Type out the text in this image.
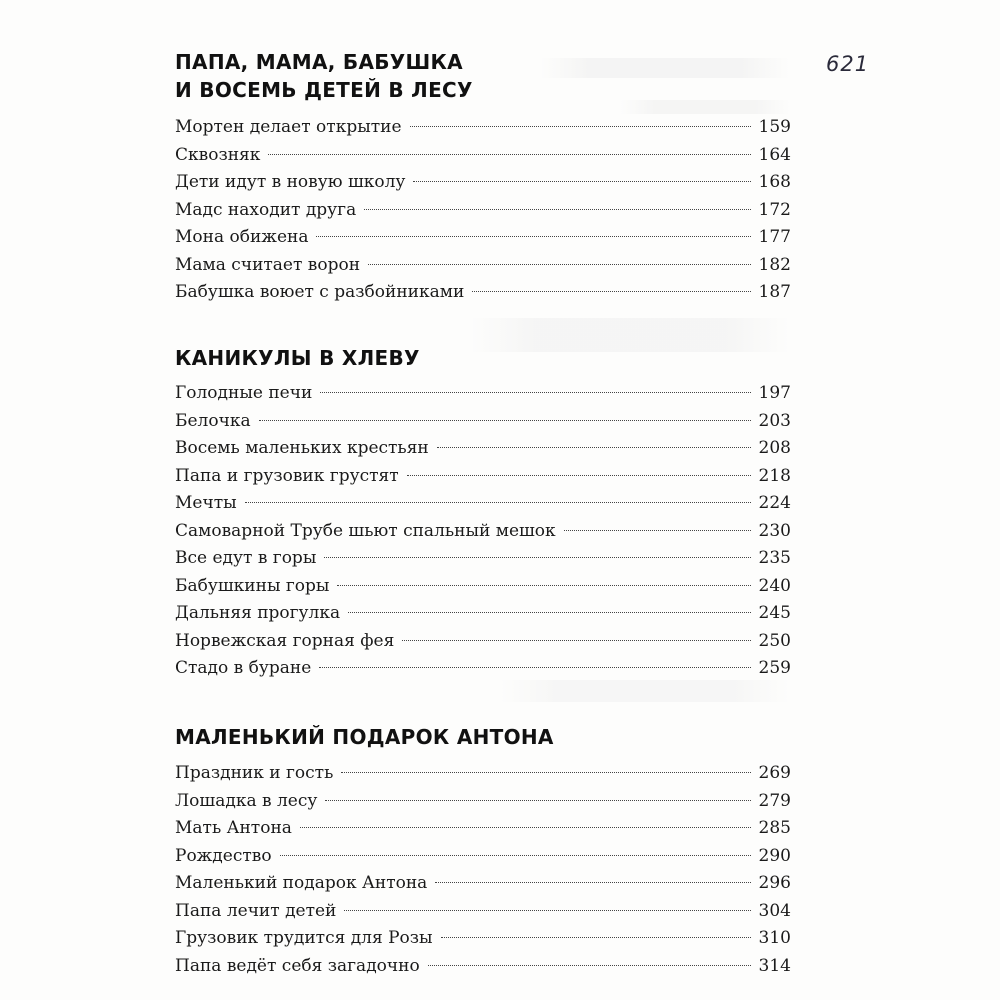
621
ПАПА, МАМА, БАБУШКА
И ВОСЕМЬ ДЕТЕЙ В ЛЕСУ
Мортен делает открытие	159
Сквозняк	164
Дети идут в новую школу	168
Мадс находит друга	172
Мона обижена	177
Мама считает ворон	182
Бабушка воюет с разбойниками	187
КАНИКУЛЫ В ХЛЕВУ
Голодные печи	197
Белочка	203
Восемь маленьких крестьян	208
Папа и грузовик грустят	218
Мечты	224
Самоварной Трубе шьют спальный мешок	230
Все едут в горы	235
Бабушкины горы	240
Дальняя прогулка	245
Норвежская горная фея	250
Стадо в буране	259
МАЛЕНЬКИЙ ПОДАРОК АНТОНА
Праздник и гость	269
Лошадка в лесу	279
Мать Антона	285
Рождество	290
Маленький подарок Антона	296
Папа лечит детей	304
Грузовик трудится для Розы	310
Папа ведёт себя загадочно	314
